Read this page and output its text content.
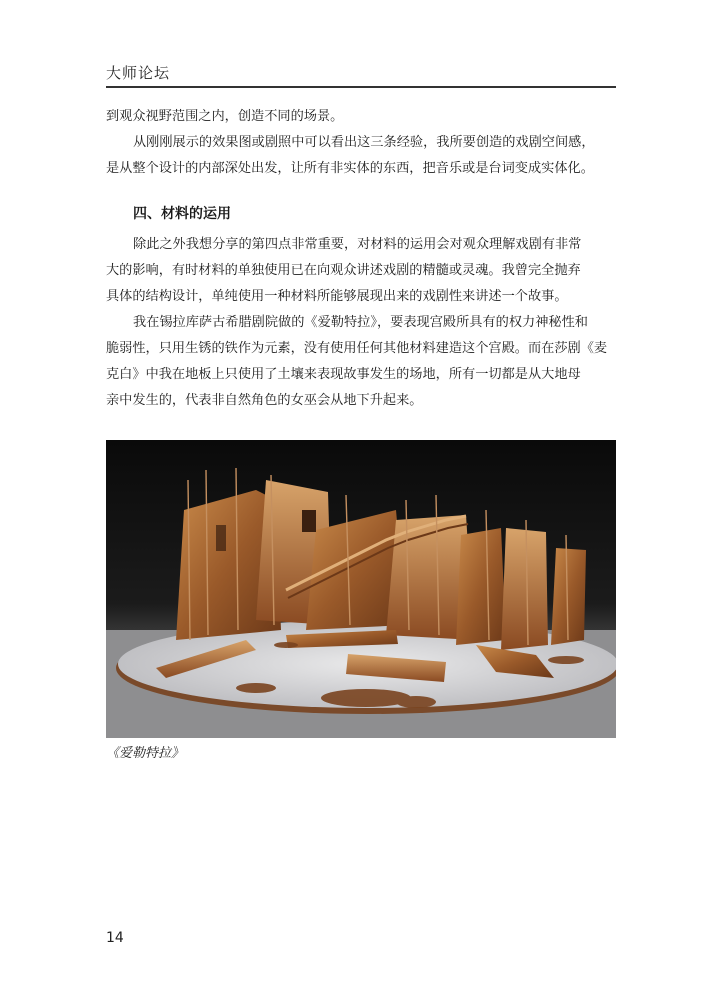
大师论坛
到观众视野范围之内，创造不同的场景。
从刚刚展示的效果图或剧照中可以看出这三条经验，我所要创造的戏剧空间感，
是从整个设计的内部深处出发，让所有非实体的东西，把音乐或是台词变成实体化。
四、材料的运用
除此之外我想分享的第四点非常重要，对材料的运用会对观众理解戏剧有非常
大的影响，有时材料的单独使用已在向观众讲述戏剧的精髓或灵魂。我曾完全抛弃
具体的结构设计，单纯使用一种材料所能够展现出来的戏剧性来讲述一个故事。
我在锡拉库萨古希腊剧院做的《爱勒特拉》，要表现宫殿所具有的权力神秘性和
脆弱性，只用生锈的铁作为元素，没有使用任何其他材料建造这个宫殿。而在莎剧《麦
克白》中我在地板上只使用了土壤来表现故事发生的场地，所有一切都是从大地母
亲中发生的，代表非自然角色的女巫会从地下升起来。
《爱勒特拉》
14
